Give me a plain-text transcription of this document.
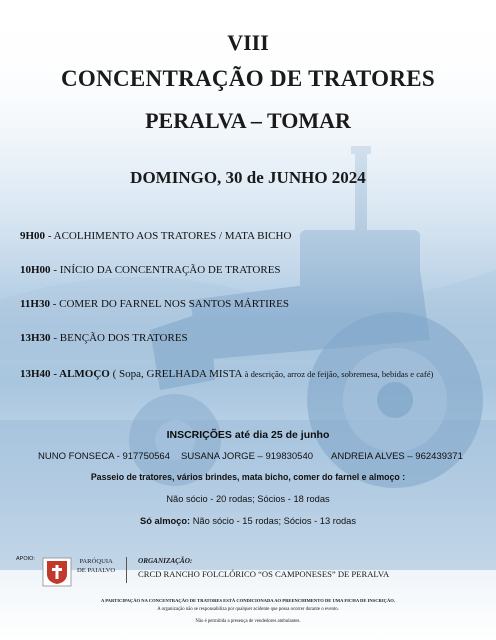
VIII
CONCENTRAÇÃO DE TRATORES
PERALVA – TOMAR
DOMINGO, 30 de JUNHO 2024
9H00 - ACOLHIMENTO AOS TRATORES / MATA BICHO
10H00 - INÍCIO DA CONCENTRAÇÃO DE TRATORES
11H30 - COMER DO FARNEL NOS SANTOS MÁRTIRES
13H30 - BENÇÃO DOS TRATORES
13H40 - ALMOÇO ( Sopa, GRELHADA MISTA à descrição, arroz de feijão, sobremesa, bebidas e café)
INSCRIÇÕES até dia 25 de junho
NUNO FONSECA - 917750564 SUSANA JORGE – 919830540 ANDREIA ALVES – 962439371
Passeio de tratores, vários brindes, mata bicho, comer do farnel e almoço :
Não sócio - 20 rodas; Sócios - 18 rodas
Só almoço: Não sócio - 15 rodas; Sócios - 13 rodas
APOIO:	PARÓQUIA
DE PAIALVO
ORGANIZAÇÃO:
CRCD RANCHO FOLCLÓRICO “OS CAMPONESES” DE PERALVA
A PARTICIPAÇÃO NA CONCENTRAÇÃO DE TRATORES ESTÁ CONDICIONADA AO PREENCHIMENTO DE UMA FICHA DE INSCRIÇÃO.
A organização não se responsabiliza por qualquer acidente que possa ocorrer durante o evento.
Não é permitida a presença de vendedores ambulantes.
